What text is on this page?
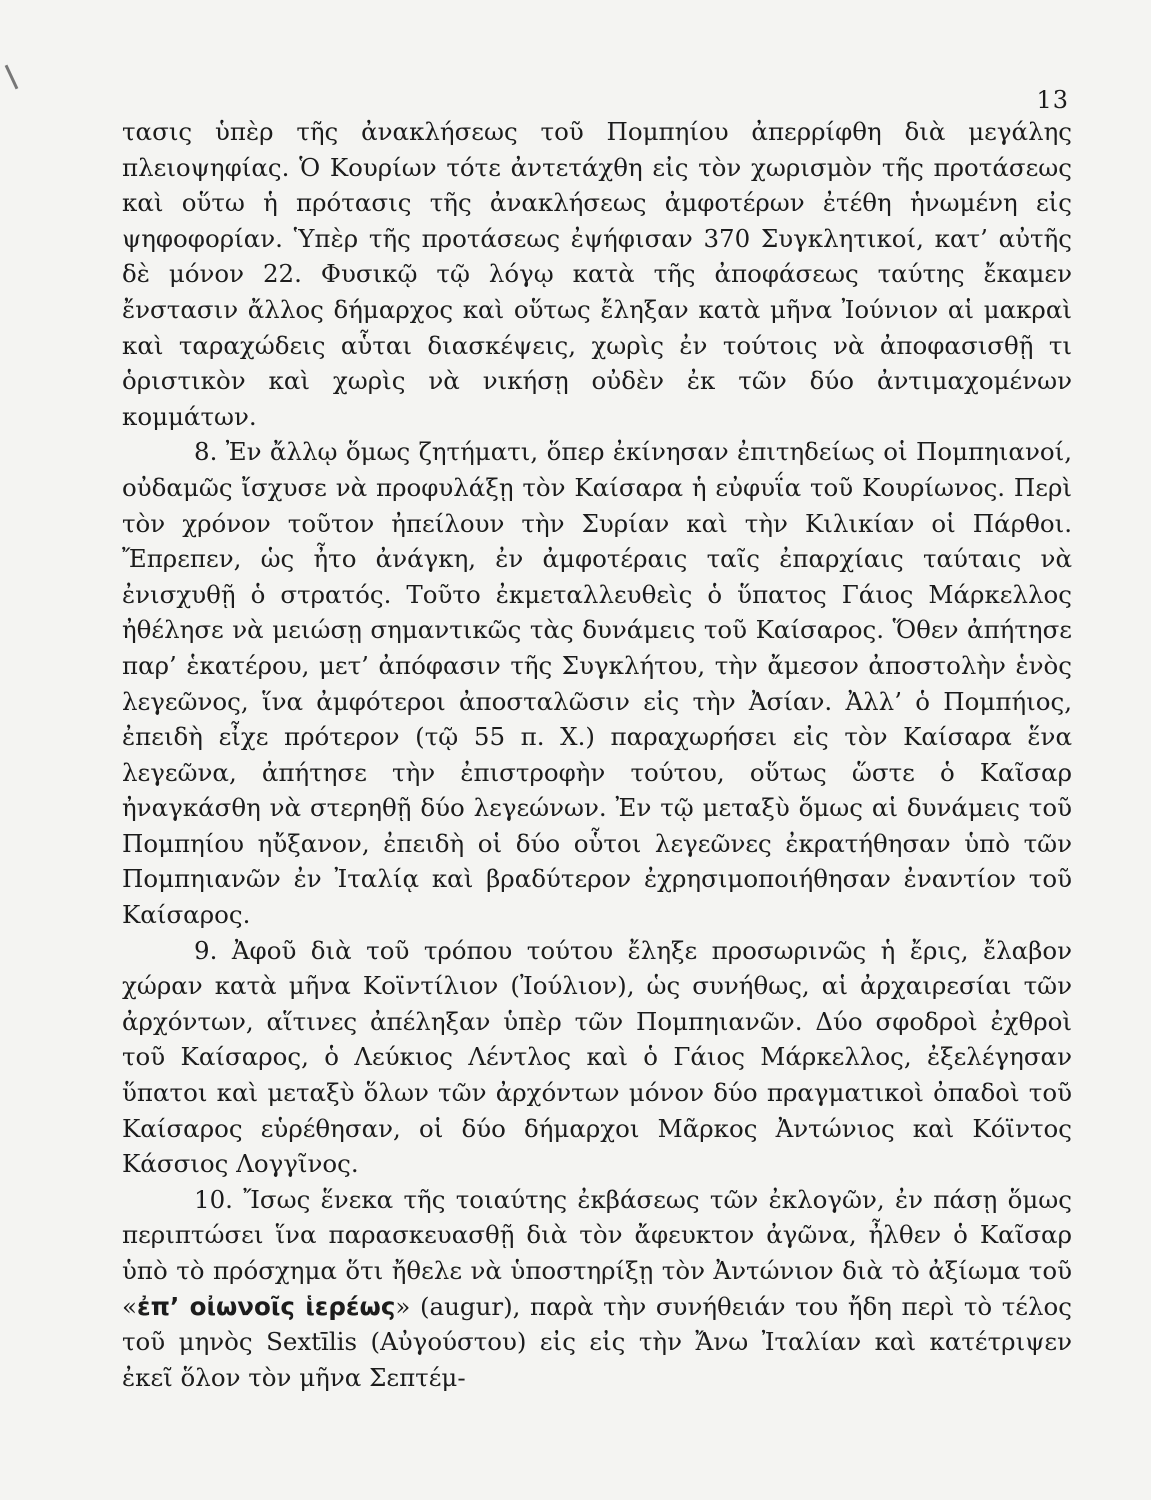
13

τασις ὑπὲρ τῆς ἀνακλήσεως τοῦ Πομπηίου ἀπερρίφθη διὰ μεγάλης πλειοψηφίας. Ὁ Κουρίων τότε ἀντετάχθη εἰς τὸν χωρισμὸν τῆς προτάσεως καὶ οὕτω ἡ πρότασις τῆς ἀνακλήσεως ἀμφοτέρων ἐτέθη ἡνωμένη εἰς ψηφοφορίαν. Ὑπὲρ τῆς προτάσεως ἐψήφισαν 370 Συγκλητικοί, κατ’ αὐτῆς δὲ μόνον 22. Φυσικῷ τῷ λόγῳ κατὰ τῆς ἀποφάσεως ταύτης ἔκαμεν ἔνστασιν ἄλλος δήμαρχος καὶ οὕτως ἔληξαν κατὰ μῆνα Ἰούνιον αἱ μακραὶ καὶ ταραχώδεις αὗται διασκέψεις, χωρὶς ἐν τούτοις νὰ ἀποφασισθῇ τι ὁριστικὸν καὶ χωρὶς νὰ νικήσῃ οὐδὲν ἐκ τῶν δύο ἀντιμαχομένων κομμάτων.

8. Ἐν ἄλλῳ ὅμως ζητήματι, ὅπερ ἐκίνησαν ἐπιτηδείως οἱ Πομπηιανοί, οὐδαμῶς ἴσχυσε νὰ προφυλάξῃ τὸν Καίσαρα ἡ εὐφυΐα τοῦ Κουρίωνος. Περὶ τὸν χρόνον τοῦτον ἠπείλουν τὴν Συρίαν καὶ τὴν Κιλικίαν οἱ Πάρθοι. Ἔπρεπεν, ὡς ἦτο ἀνάγκη, ἐν ἀμφοτέραις ταῖς ἐπαρχίαις ταύταις νὰ ἐνισχυθῇ ὁ στρατός. Τοῦτο ἐκμεταλλευθεὶς ὁ ὕπατος Γάιος Μάρκελλος ἠθέλησε νὰ μειώσῃ σημαντικῶς τὰς δυνάμεις τοῦ Καίσαρος. Ὅθεν ἀπήτησε παρ’ ἑκατέρου, μετ’ ἀπόφασιν τῆς Συγκλήτου, τὴν ἄμεσον ἀποστολὴν ἑνὸς λεγεῶνος, ἵνα ἀμφότεροι ἀποσταλῶσιν εἰς τὴν Ἀσίαν. Ἀλλ’ ὁ Πομπήιος, ἐπειδὴ εἶχε πρότερον (τῷ 55 π. Χ.) παραχωρήσει εἰς τὸν Καίσαρα ἕνα λεγεῶνα, ἀπήτησε τὴν ἐπιστροφὴν τούτου, οὕτως ὥστε ὁ Καῖσαρ ἠναγκάσθη νὰ στερηθῇ δύο λεγεώνων. Ἐν τῷ μεταξὺ ὅμως αἱ δυνάμεις τοῦ Πομπηίου ηὔξανον, ἐπειδὴ οἱ δύο οὗτοι λεγεῶνες ἐκρατήθησαν ὑπὸ τῶν Πομπηιανῶν ἐν Ἰταλίᾳ καὶ βραδύτερον ἐχρησιμοποιήθησαν ἐναντίον τοῦ Καίσαρος.

9. Ἀφοῦ διὰ τοῦ τρόπου τούτου ἔληξε προσωρινῶς ἡ ἔρις, ἔλαβον χώραν κατὰ μῆνα Κοϊντίλιον (Ἰούλιον), ὡς συνήθως, αἱ ἀρχαιρεσίαι τῶν ἀρχόντων, αἵτινες ἀπέληξαν ὑπὲρ τῶν Πομπηιανῶν. Δύο σφοδροὶ ἐχθροὶ τοῦ Καίσαρος, ὁ Λεύκιος Λέντλος καὶ ὁ Γάιος Μάρκελλος, ἐξελέγησαν ὕπατοι καὶ μεταξὺ ὅλων τῶν ἀρχόντων μόνον δύο πραγματικοὶ ὀπαδοὶ τοῦ Καίσαρος εὑρέθησαν, οἱ δύο δήμαρχοι Μᾶρκος Ἀντώνιος καὶ Κόϊντος Κάσσιος Λογγῖνος.

10. Ἴσως ἕνεκα τῆς τοιαύτης ἐκβάσεως τῶν ἐκλογῶν, ἐν πάσῃ ὅμως περιπτώσει ἵνα παρασκευασθῇ διὰ τὸν ἄφευκτον ἀγῶνα, ἦλθεν ὁ Καῖσαρ ὑπὸ τὸ πρόσχημα ὅτι ἤθελε νὰ ὑποστηρίξῃ τὸν Ἀντώνιον διὰ τὸ ἀξίωμα τοῦ «ἐπ’ οἰωνοῖς ἱερέως» (augur), παρὰ τὴν συνήθειάν του ἤδη περὶ τὸ τέλος τοῦ μηνὸς Sextīlis (Αὐγούστου) εἰς εἰς τὴν Ἄνω Ἰταλίαν καὶ κατέτριψεν ἐκεῖ ὅλον τὸν μῆνα Σεπτέμ-
